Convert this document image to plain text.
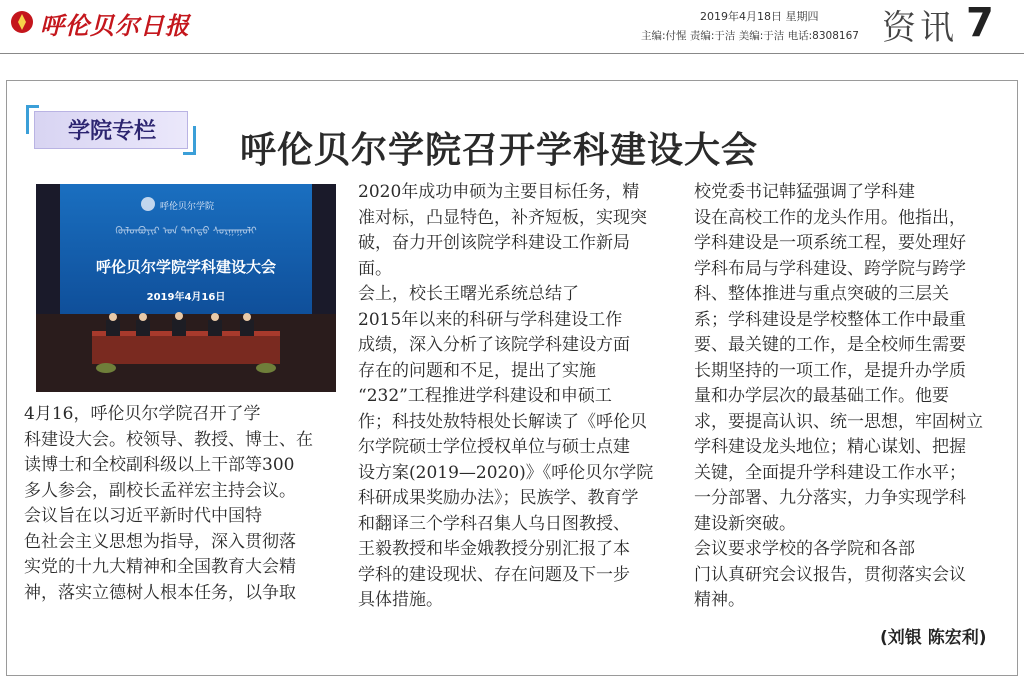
呼伦贝尔日报	2019年4月18日 星期四
主编:付惺 责编:于洁 美编:于洁 电话:8308167 资讯 7
学院专栏	呼伦贝尔学院召开学科建设大会
呼伦贝尔学院
ᠬᠥᠯᠦᠨᠪᠤᠶᠢᠷ ᠤᠨ ᠳᠡᠭᠡᠳᠦ ᠰᠤᠷᠭᠠᠭᠤᠯᠢ
呼伦贝尔学院学科建设大会
2019年4月16日

4月16，呼伦贝尔学院召开了学

科建设大会。校领导、教授、博士、在

读博士和全校副科级以上干部等300

多人参会，副校长孟祥宏主持会议。

会议旨在以习近平新时代中国特

色社会主义思想为指导，深入贯彻落

实党的十九大精神和全国教育大会精

神，落实立德树人根本任务，以争取

2020年成功申硕为主要目标任务，精

准对标，凸显特色，补齐短板，实现突

破，奋力开创该院学科建设工作新局

面。

会上，校长王曙光系统总结了

2015年以来的科研与学科建设工作

成绩，深入分析了该院学科建设方面

存在的问题和不足，提出了实施

“232”工程推进学科建设和申硕工

作；科技处敖特根处长解读了《呼伦贝

尔学院硕士学位授权单位与硕士点建

设方案(2019—2020)》《呼伦贝尔学院

科研成果奖励办法》；民族学、教育学

和翻译三个学科召集人乌日图教授、

王毅教授和毕金娥教授分别汇报了本

学科的建设现状、存在问题及下一步

具体措施。

校党委书记韩猛强调了学科建

设在高校工作的龙头作用。他指出，

学科建设是一项系统工程，要处理好

学科布局与学科建设、跨学院与跨学

科、整体推进与重点突破的三层关

系；学科建设是学校整体工作中最重

要、最关键的工作，是全校师生需要

长期坚持的一项工作，是提升办学质

量和办学层次的最基础工作。他要

求，要提高认识、统一思想，牢固树立

学科建设龙头地位；精心谋划、把握

关键，全面提升学科建设工作水平；

一分部署、九分落实，力争实现学科

建设新突破。

会议要求学校的各学院和各部

门认真研究会议报告，贯彻落实会议

精神。

(刘银 陈宏利)
